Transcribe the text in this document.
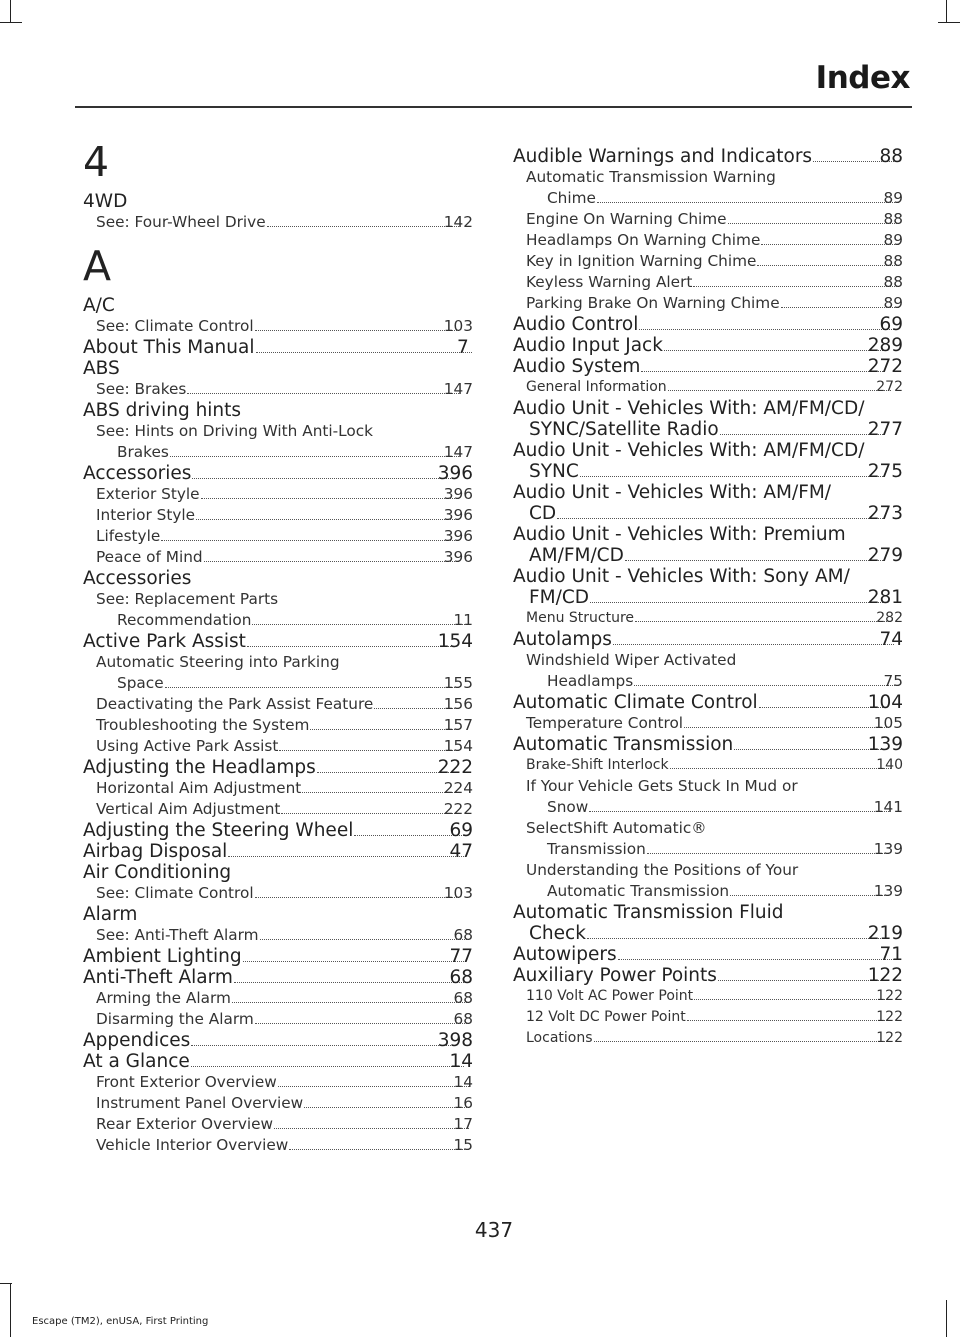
Index
4
4WD
See: Four-Wheel Drive	142
A
A/C
See: Climate Control	103
About This Manual	7
ABS
See: Brakes	147
ABS driving hints
See: Hints on Driving With Anti-Lock
Brakes	147
Accessories	396
Exterior Style	396
Interior Style	396
Lifestyle	396
Peace of Mind	396
Accessories
See: Replacement Parts
Recommendation	11
Active Park Assist	154
Automatic Steering into Parking
Space	155
Deactivating the Park Assist Feature	156
Troubleshooting the System	157
Using Active Park Assist	154
Adjusting the Headlamps	222
Horizontal Aim Adjustment	224
Vertical Aim Adjustment	222
Adjusting the Steering Wheel	69
Airbag Disposal	47
Air Conditioning
See: Climate Control	103
Alarm
See: Anti-Theft Alarm	68
Ambient Lighting	77
Anti-Theft Alarm	68
Arming the Alarm	68
Disarming the Alarm	68
Appendices	398
At a Glance	14
Front Exterior Overview	14
Instrument Panel Overview	16
Rear Exterior Overview	17
Vehicle Interior Overview	15
Audible Warnings and Indicators	88
Automatic Transmission Warning
Chime	89
Engine On Warning Chime	88
Headlamps On Warning Chime	89
Key in Ignition Warning Chime	88
Keyless Warning Alert	88
Parking Brake On Warning Chime	89
Audio Control	69
Audio Input Jack	289
Audio System	272
General Information	272
Audio Unit - Vehicles With: AM/FM/CD/
SYNC/Satellite Radio	277
Audio Unit - Vehicles With: AM/FM/CD/
SYNC	275
Audio Unit - Vehicles With: AM/FM/
CD	273
Audio Unit - Vehicles With: Premium
AM/FM/CD	279
Audio Unit - Vehicles With: Sony AM/
FM/CD	281
Menu Structure	282
Autolamps	74
Windshield Wiper Activated
Headlamps	75
Automatic Climate Control	104
Temperature Control	105
Automatic Transmission	139
Brake-Shift Interlock	140
If Your Vehicle Gets Stuck In Mud or
Snow	141
SelectShift Automatic®
Transmission	139
Understanding the Positions of Your
Automatic Transmission	139
Automatic Transmission Fluid
Check	219
Autowipers	71
Auxiliary Power Points	122
110 Volt AC Power Point	122
12 Volt DC Power Point	122
Locations	122

437

Escape (TM2), enUSA, First Printing
